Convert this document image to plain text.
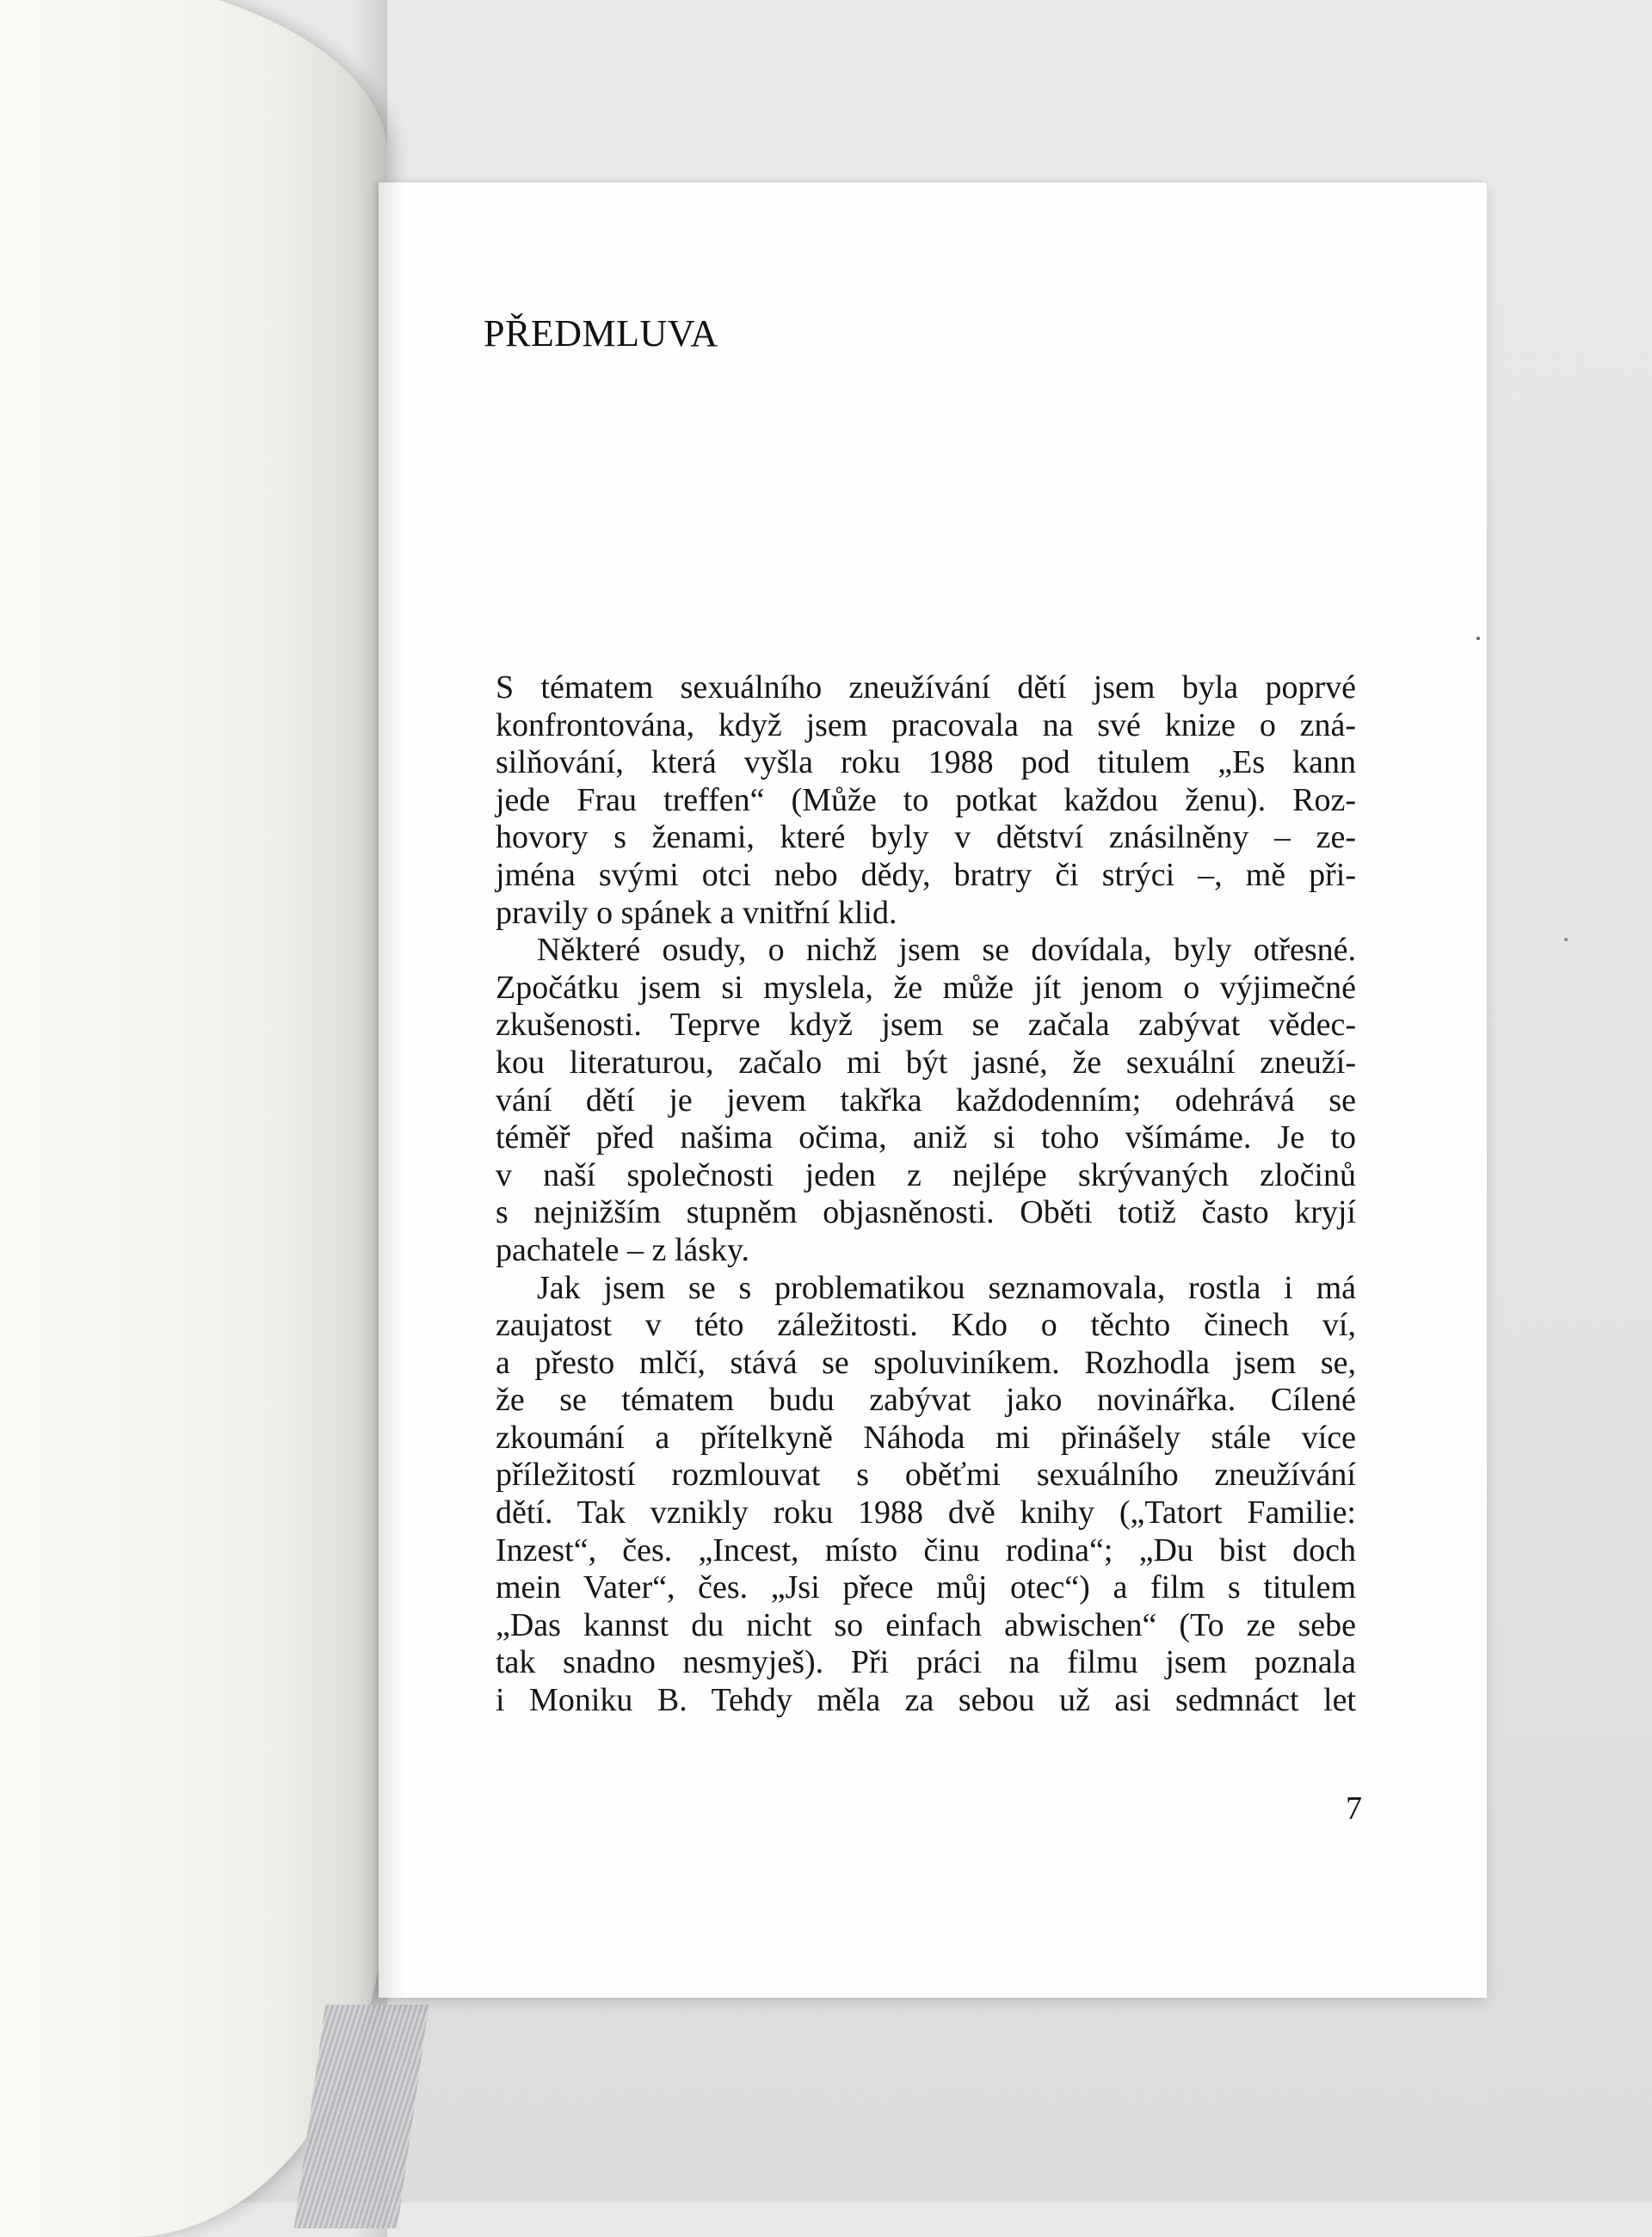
PŘEDMLUVA
S tématem sexuálního zneužívání dětí jsem byla poprvé
konfrontována, když jsem pracovala na své knize o zná-
silňování, která vyšla roku 1988 pod titulem „Es kann
jede Frau treffen“ (Může to potkat každou ženu). Roz-
hovory s ženami, které byly v dětství znásilněny – ze-
jména svými otci nebo dědy, bratry či strýci –, mě při-
pravily o spánek a vnitřní klid.
Některé osudy, o nichž jsem se dovídala, byly otřesné.
Zpočátku jsem si myslela, že může jít jenom o výjimečné
zkušenosti. Teprve když jsem se začala zabývat vědec-
kou literaturou, začalo mi být jasné, že sexuální zneuží-
vání dětí je jevem takřka každodenním; odehrává se
téměř před našima očima, aniž si toho všímáme. Je to
v naší společnosti jeden z nejlépe skrývaných zločinů
s nejnižším stupněm objasněnosti. Oběti totiž často kryjí
pachatele – z lásky.
Jak jsem se s problematikou seznamovala, rostla i má
zaujatost v této záležitosti. Kdo o těchto činech ví,
a přesto mlčí, stává se spoluviníkem. Rozhodla jsem se,
že se tématem budu zabývat jako novinářka. Cílené
zkoumání a přítelkyně Náhoda mi přinášely stále více
příležitostí rozmlouvat s oběťmi sexuálního zneužívání
dětí. Tak vznikly roku 1988 dvě knihy („Tatort Familie:
Inzest“, čes. „Incest, místo činu rodina“; „Du bist doch
mein Vater“, čes. „Jsi přece můj otec“) a film s titulem
„Das kannst du nicht so einfach abwischen“ (To ze sebe
tak snadno nesmyješ). Při práci na filmu jsem poznala
i Moniku B. Tehdy měla za sebou už asi sedmnáct let
7
